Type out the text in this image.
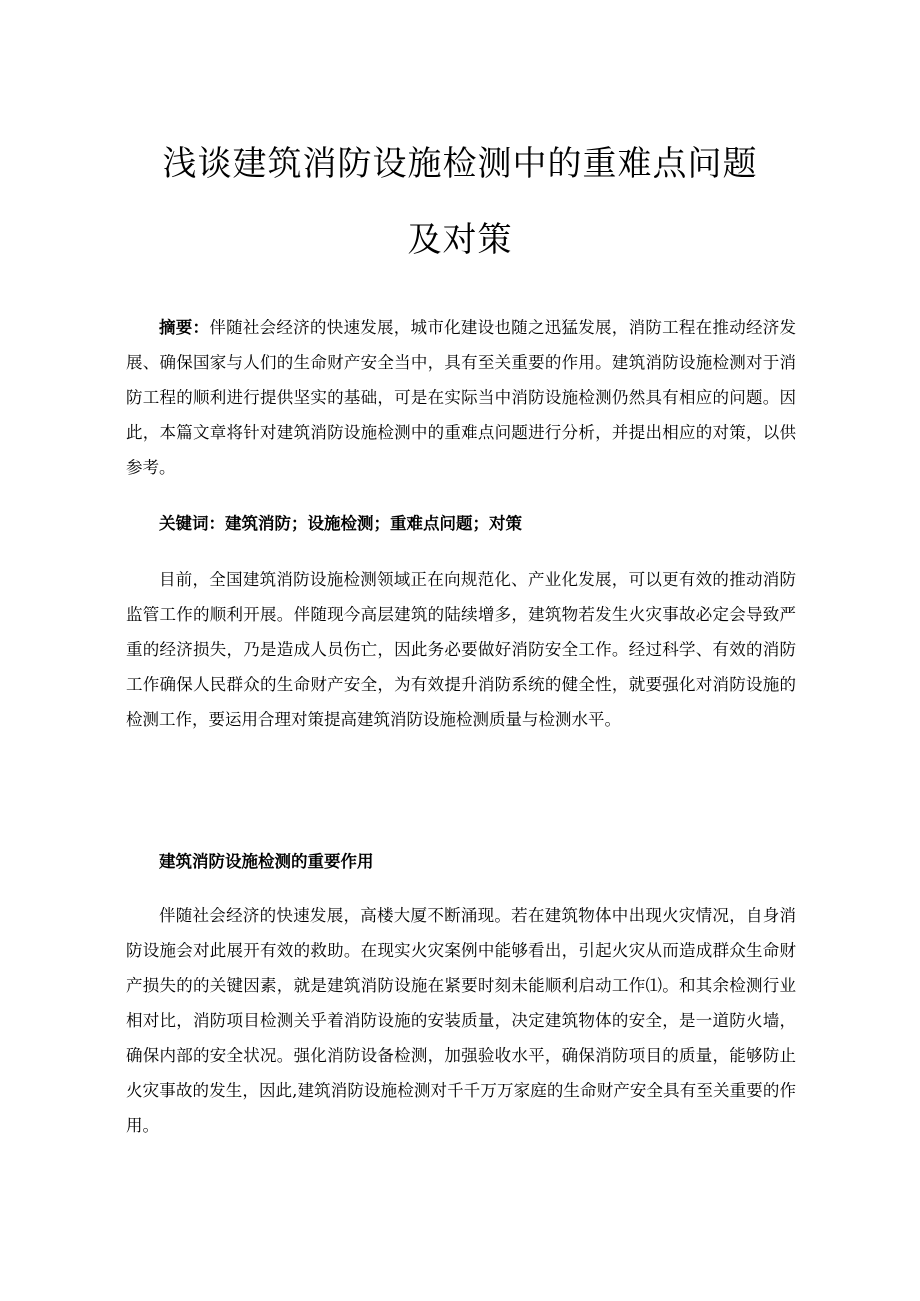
浅谈建筑消防设施检测中的重难点问题
及对策

摘要：伴随社会经济的快速发展，城市化建设也随之迅猛发展，消防工程在推动经济发展、确保国家与人们的生命财产安全当中，具有至关重要的作用。建筑消防设施检测对于消防工程的顺利进行提供坚实的基础，可是在实际当中消防设施检测仍然具有相应的问题。因此，本篇文章将针对建筑消防设施检测中的重难点问题进行分析，并提出相应的对策，以供参考。

关键词：建筑消防；设施检测；重难点问题；对策

目前，全国建筑消防设施检测领域正在向规范化、产业化发展，可以更有效的推动消防监管工作的顺利开展。伴随现今高层建筑的陆续增多，建筑物若发生火灾事故必定会导致严重的经济损失，乃是造成人员伤亡，因此务必要做好消防安全工作。经过科学、有效的消防工作确保人民群众的生命财产安全，为有效提升消防系统的健全性，就要强化对消防设施的检测工作，要运用合理对策提高建筑消防设施检测质量与检测水平。

建筑消防设施检测的重要作用

伴随社会经济的快速发展，高楼大厦不断涌现。若在建筑物体中出现火灾情况，自身消防设施会对此展开有效的救助。在现实火灾案例中能够看出，引起火灾从而造成群众生命财产损失的的关键因素，就是建筑消防设施在紧要时刻未能顺利启动工作⑴。和其余检测行业相对比，消防项目检测关乎着消防设施的安装质量，决定建筑物体的安全，是一道防火墙，确保内部的安全状况。强化消防设备检测，加强验收水平，确保消防项目的质量，能够防止火灾事故的发生，因此,建筑消防设施检测对千千万万家庭的生命财产安全具有至关重要的作用。
